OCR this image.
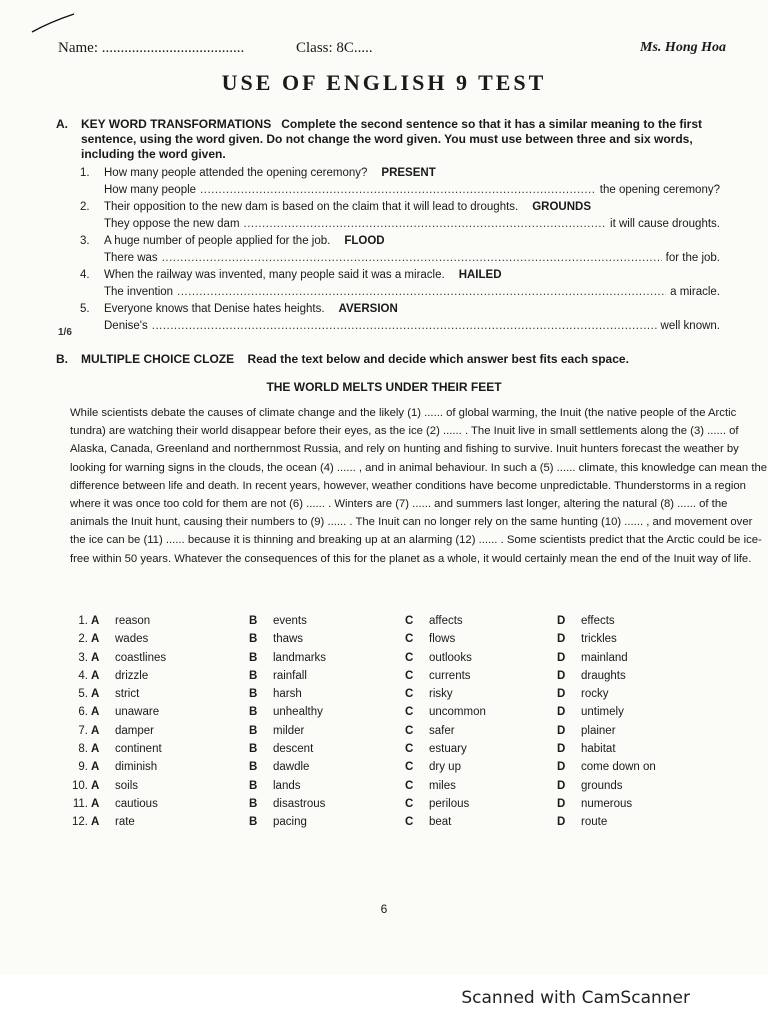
Name: ......................................	Class: 8C.....	Ms. Hong Hoa
USE OF ENGLISH 9 TEST
A. KEY WORD TRANSFORMATIONS Complete the second sentence so that it has a similar meaning to the first sentence, using the word given. Do not change the word given. You must use between three and six words, including the word given.
1. How many people attended the opening ceremony? PRESENT
How many people .....	the opening ceremony?
2. Their opposition to the new dam is based on the claim that it will lead to droughts. GROUNDS
They oppose the new dam .....	it will cause droughts.
3. A huge number of people applied for the job. FLOOD
There was .....	for the job.
4. When the railway was invented, many people said it was a miracle. HAILED
The invention .....	a miracle.
5. Everyone knows that Denise hates heights. AVERSION
Denise's .....	well known.
1/6
B. MULTIPLE CHOICE CLOZE Read the text below and decide which answer best fits each space.
THE WORLD MELTS UNDER THEIR FEET
While scientists debate the causes of climate change and the likely (1) ...... of global warming, the Inuit (the native people of the Arctic tundra) are watching their world disappear before their eyes, as the ice (2) ...... . The Inuit live in small settlements along the (3) ...... of Alaska, Canada, Greenland and northernmost Russia, and rely on hunting and fishing to survive. Inuit hunters forecast the weather by looking for warning signs in the clouds, the ocean (4) ...... , and in animal behaviour. In such a (5) ...... climate, this knowledge can mean the difference between life and death. In recent years, however, weather conditions have become unpredictable. Thunderstorms in a region where it was once too cold for them are not (6) ...... . Winters are (7) ...... and summers last longer, altering the natural (8) ...... of the animals the Inuit hunt, causing their numbers to (9) ...... . The Inuit can no longer rely on the same hunting (10) ...... , and movement over the ice can be (11) ...... because it is thinning and breaking up at an alarming (12) ...... . Some scientists predict that the Arctic could be ice-free within 50 years. Whatever the consequences of this for the planet as a whole, it would certainly mean the end of the Inuit way of life.
1. A reason	B events	C affects	D effects
2. A wades	B thaws	C flows	D trickles
3. A coastlines	B landmarks	C outlooks	D mainland
4. A drizzle	B rainfall	C currents	D draughts
5. A strict	B harsh	C risky	D rocky
6. A unaware	B unhealthy	C uncommon	D untimely
7. A damper	B milder	C safer	D plainer
8. A continent	B descent	C estuary	D habitat
9. A diminish	B dawdle	C dry up	D come down on
10. A soils	B lands	C miles	D grounds
11. A cautious	B disastrous	C perilous	D numerous
12. A rate	B pacing	C beat	D route
6
Scanned with CamScanner
